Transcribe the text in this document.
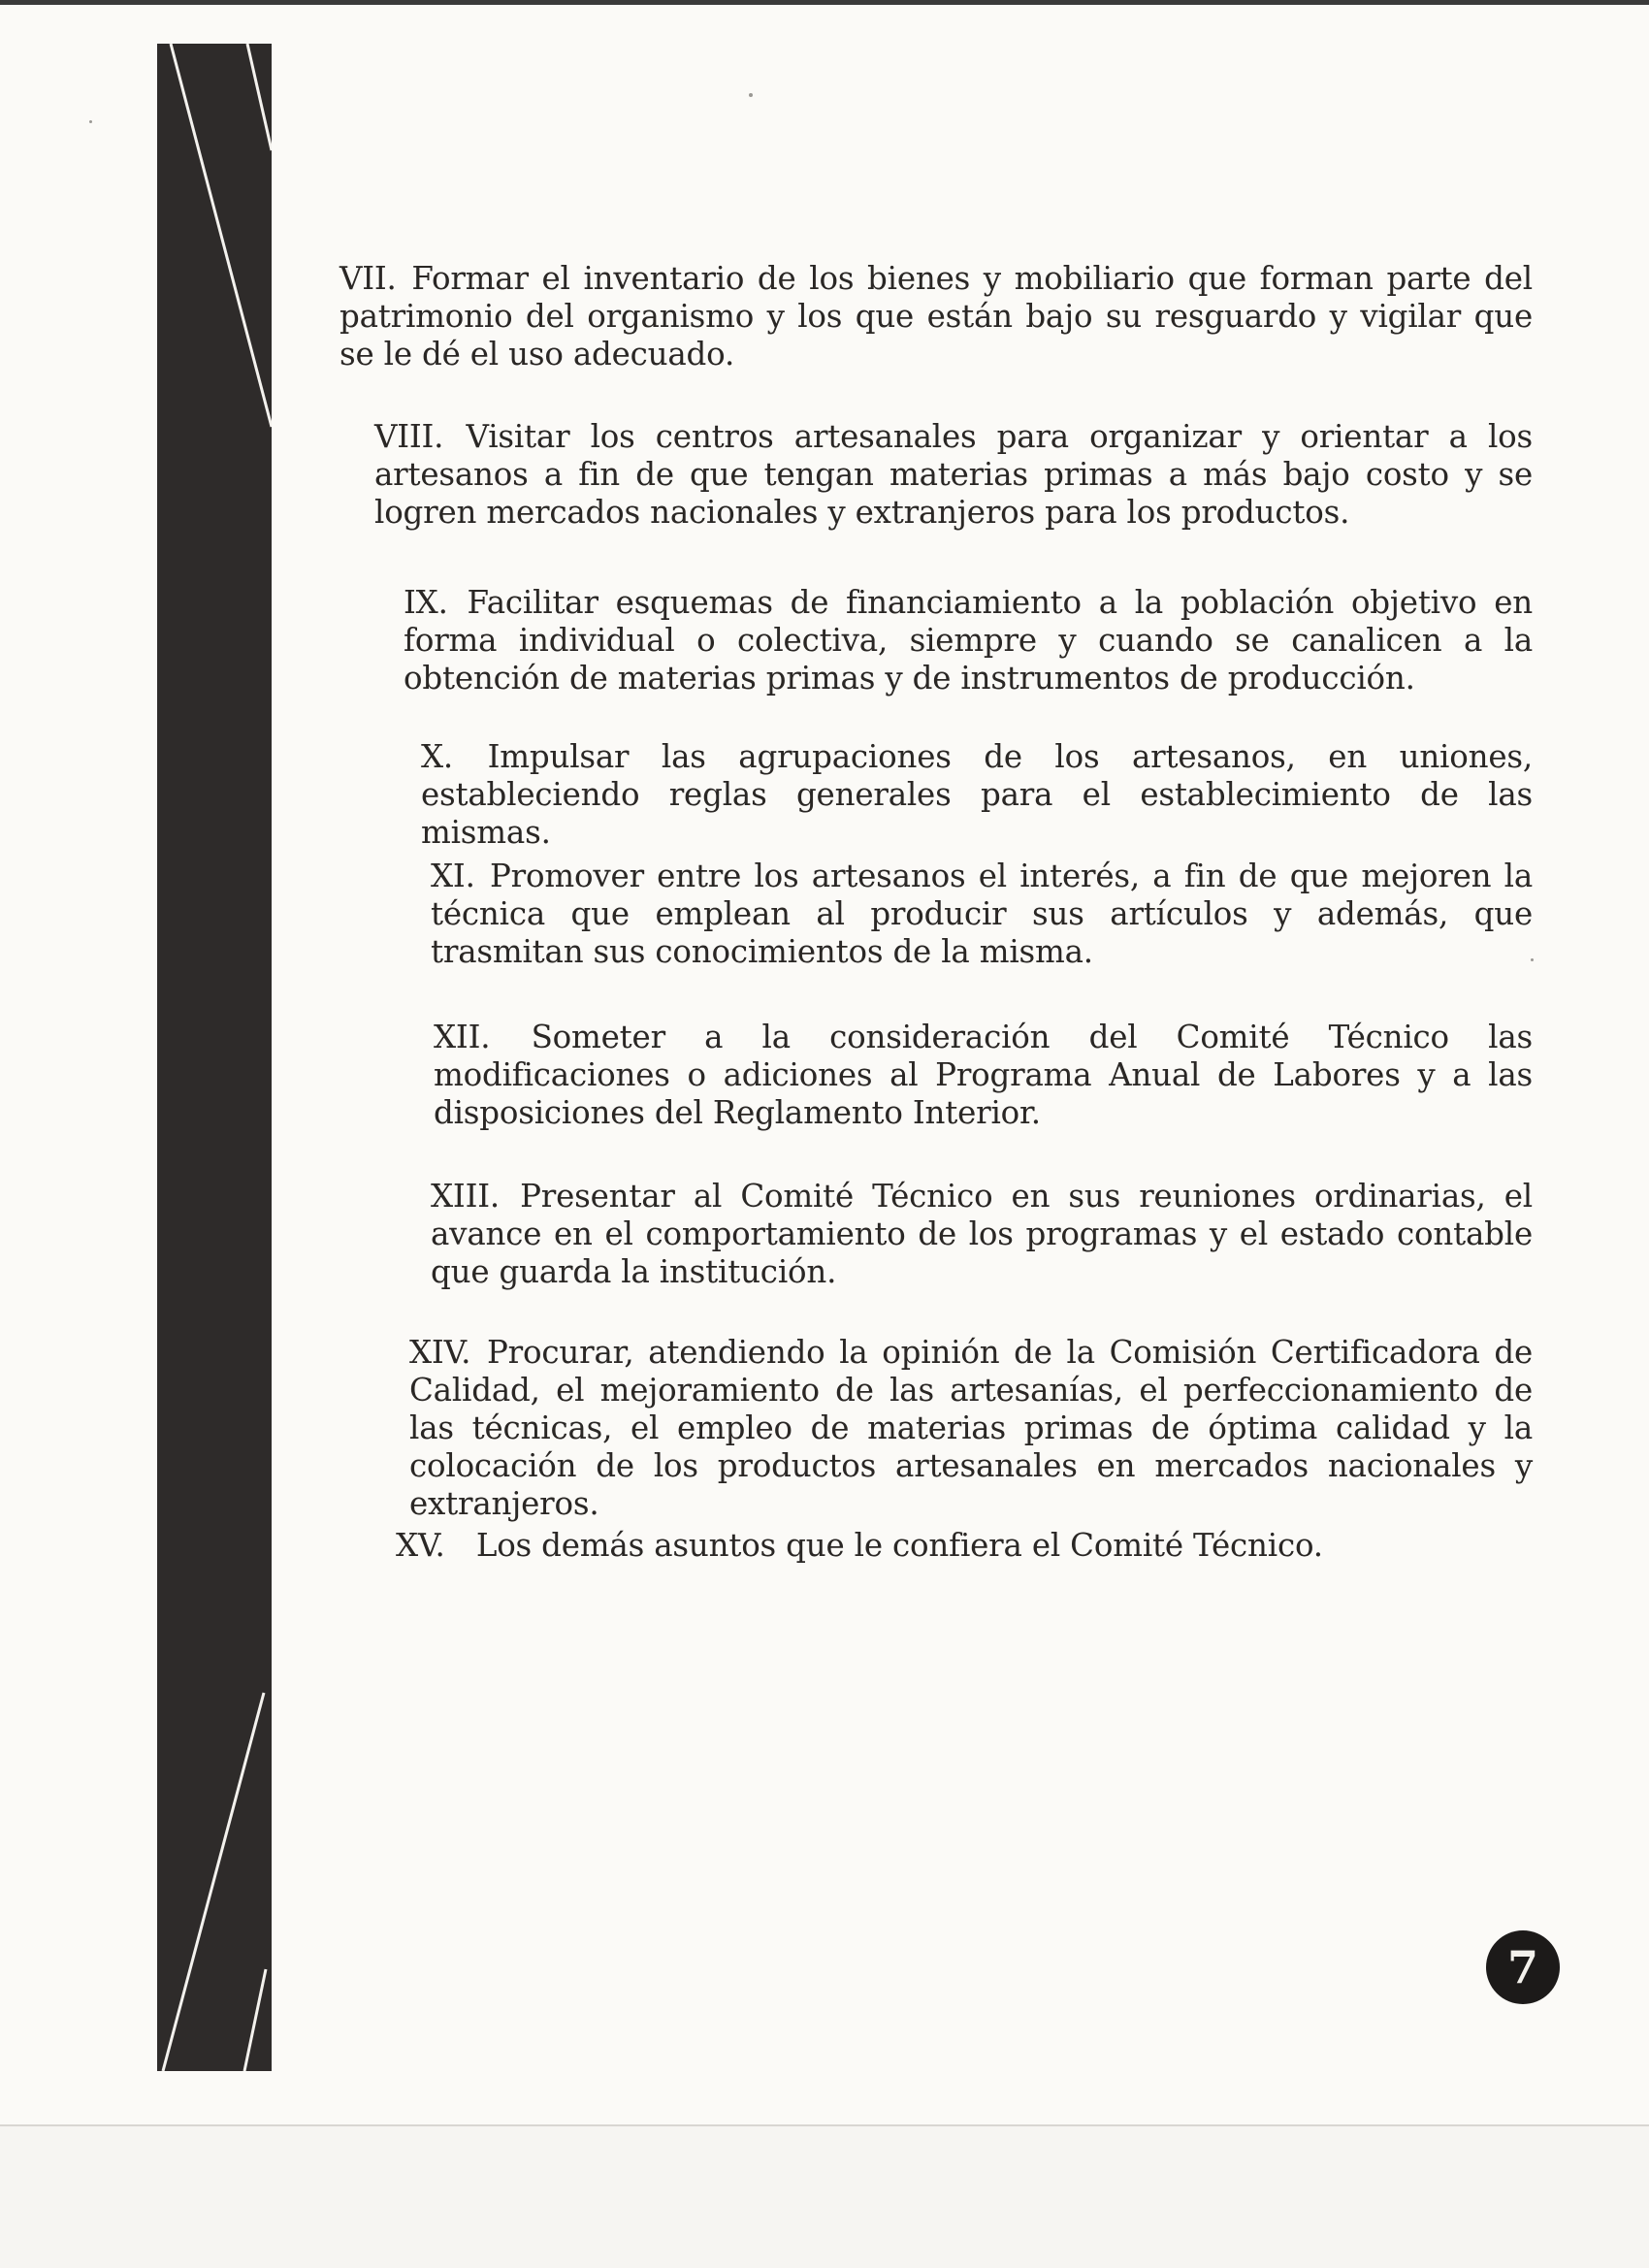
VII. Formar el inventario de los bienes y mobiliario que forman parte del patrimonio del organismo y los que están bajo su resguardo y vigilar que se le dé el uso adecuado.
VIII. Visitar los centros artesanales para organizar y orientar a los artesanos a fin de que tengan materias primas a más bajo costo y se logren mercados nacionales y extranjeros para los productos.
IX. Facilitar esquemas de financiamiento a la población objetivo en forma individual o colectiva, siempre y cuando se canalicen a la obtención de materias primas y de instrumentos de producción.
X. Impulsar las agrupaciones de los artesanos, en uniones, estableciendo reglas generales para el establecimiento de las mismas.
XI. Promover entre los artesanos el interés, a fin de que mejoren la técnica que emplean al producir sus artículos y además, que trasmitan sus conocimientos de la misma.
XII. Someter a la consideración del Comité Técnico las modificaciones o adiciones al Programa Anual de Labores y a las disposiciones del Reglamento Interior.
XIII. Presentar al Comité Técnico en sus reuniones ordinarias, el avance en el comportamiento de los programas y el estado contable que guarda la institución.
XIV. Procurar, atendiendo la opinión de la Comisión Certificadora de Calidad, el mejoramiento de las artesanías, el perfeccionamiento de las técnicas, el empleo de materias primas de óptima calidad y la colocación de los productos artesanales en mercados nacionales y extranjeros.
XV. Los demás asuntos que le confiera el Comité Técnico.
7
